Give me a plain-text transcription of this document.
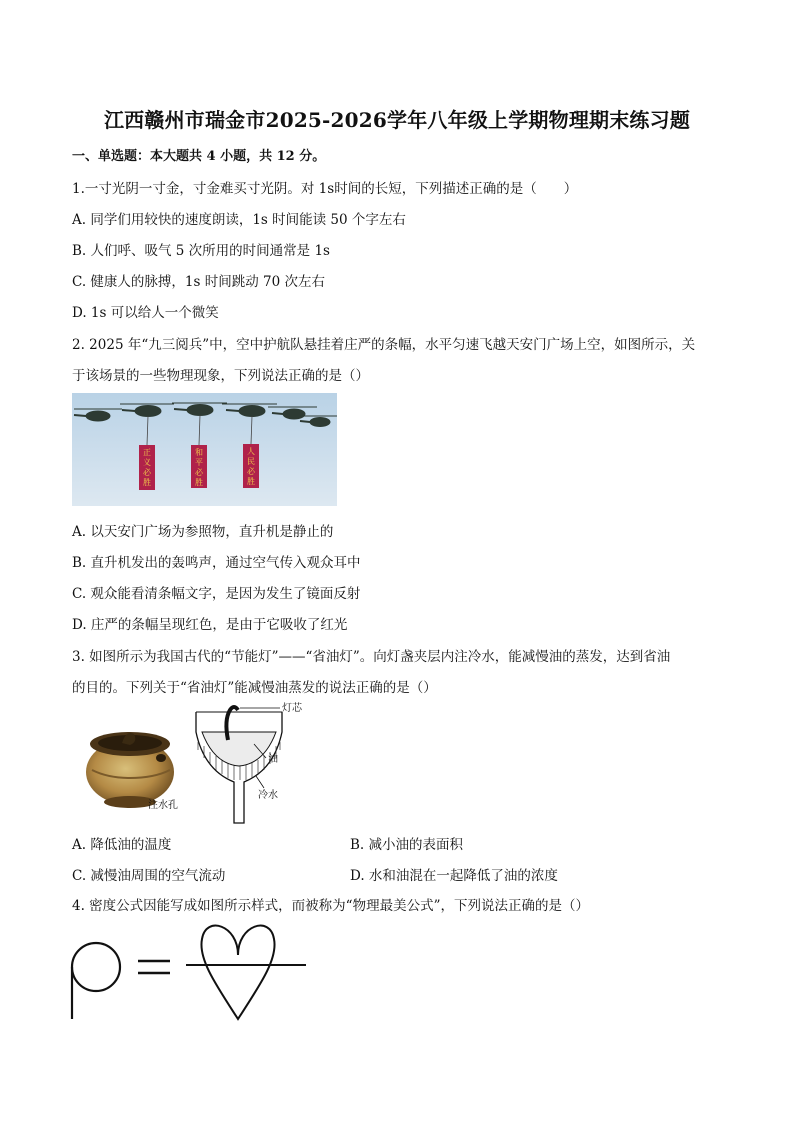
江西赣州市瑞金市2025-2026学年八年级上学期物理期末练习题
一、单选题：本大题共 4 小题，共 12 分。
1.一寸光阴一寸金，寸金难买寸光阴。对 1s时间的长短，下列描述正确的是（　　）
A. 同学们用较快的速度朗读，1s 时间能读 50 个字左右
B. 人们呼、吸气 5 次所用的时间通常是 1s
C. 健康人的脉搏，1s 时间跳动 70 次左右
D. 1s 可以给人一个微笑
2. 2025 年“九三阅兵”中，空中护航队悬挂着庄严的条幅，水平匀速飞越天安门广场上空，如图所示，关
于该场景的一些物理现象，下列说法正确的是（）
正
义
必
胜
和
平
必
胜
人
民
必
胜
A. 以天安门广场为参照物，直升机是静止的
B. 直升机发出的轰鸣声，通过空气传入观众耳中
C. 观众能看清条幅文字，是因为发生了镜面反射
D. 庄严的条幅呈现红色，是由于它吸收了红光
3. 如图所示为我国古代的“节能灯”——“省油灯”。向灯盏夹层内注冷水，能减慢油的蒸发，达到省油
的目的。下列关于“省油灯”能减慢油蒸发的说法正确的是（）
注水孔
灯芯
油
冷水
A. 降低油的温度	B. 减小油的表面积
C. 减慢油周围的空气流动	D. 水和油混在一起降低了油的浓度
4. 密度公式因能写成如图所示样式，而被称为“物理最美公式”，下列说法正确的是（）
